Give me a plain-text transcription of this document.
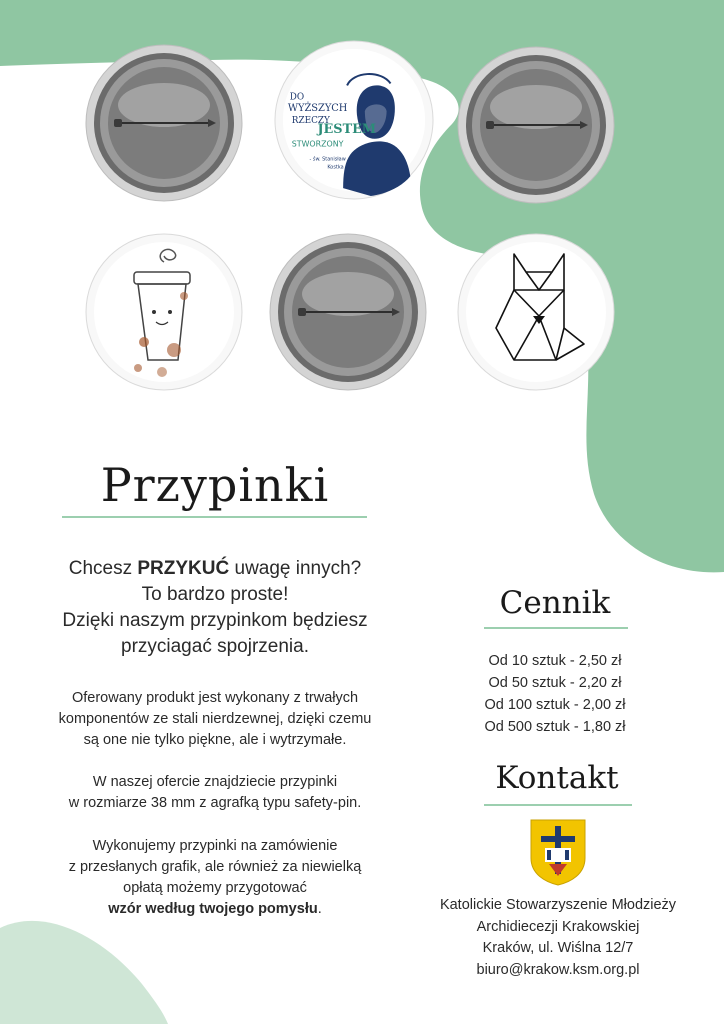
DO
WYŻSZYCH
RZECZY
JESTEM
STWORZONY
- św. Stanisław
Kostka
Przypinki
Chcesz PRZYKUĆ uwagę innych?
To bardzo proste!
Dzięki naszym przypinkom będziesz
przyciagać spojrzenia.
Oferowany produkt jest wykonany z trwałych
komponentów ze stali nierdzewnej, dzięki czemu
są one nie tylko piękne, ale i wytrzymałe.
W naszej ofercie znajdziecie przypinki
w rozmiarze 38 mm z agrafką typu safety-pin.
Wykonujemy przypinki na zamówienie
z przesłanych grafik, ale również za niewielką
opłatą możemy przygotować
wzór według twojego pomysłu.
Cennik
Od 10 sztuk - 2,50 zł
Od 50 sztuk - 2,20 zł
Od 100 sztuk - 2,00 zł
Od 500 sztuk - 1,80 zł
Kontakt
Katolickie Stowarzyszenie Młodzieży
Archidiecezji Krakowskiej
Kraków, ul. Wiślna 12/7
biuro@krakow.ksm.org.pl
